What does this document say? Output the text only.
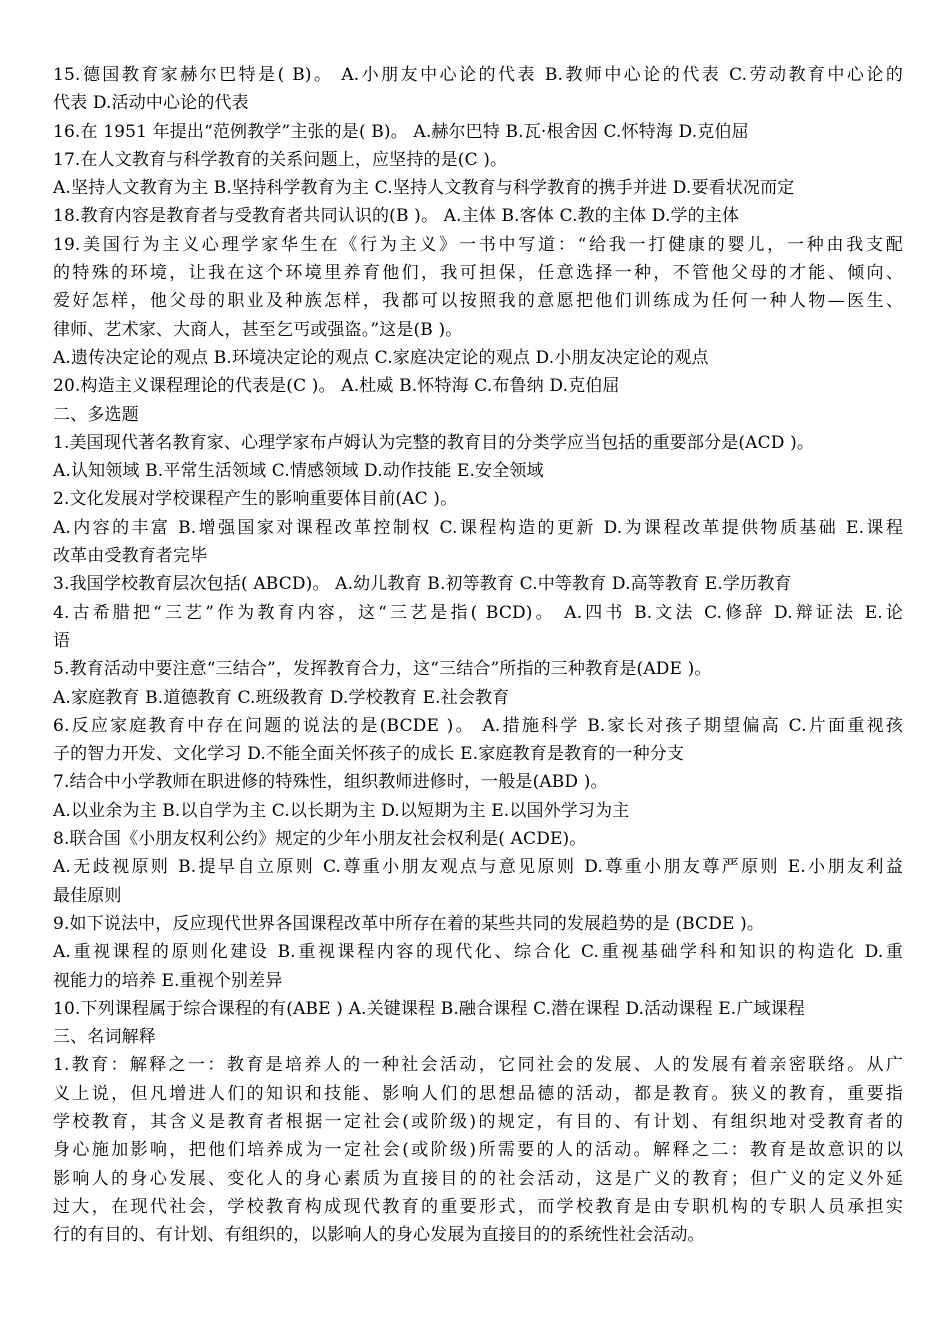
15.德国教育家赫尔巴特是( B)。 A.小朋友中心论的代表 B.教师中心论的代表 C.劳动教育中心论的
代表 D.活动中心论的代表
16.在 1951 年提出“范例教学”主张的是( B)。 A.赫尔巴特 B.瓦·根舍因 C.怀特海 D.克伯屈
17.在人文教育与科学教育的关系问题上，应坚持的是(C )。
A.坚持人文教育为主 B.坚持科学教育为主 C.坚持人文教育与科学教育的携手并进 D.要看状况而定
18.教育内容是教育者与受教育者共同认识的(B )。 A.主体 B.客体 C.教的主体 D.学的主体
19.美国行为主义心理学家华生在《行为主义》一书中写道：“给我一打健康的婴儿，一种由我支配
的特殊的环境，让我在这个环境里养育他们，我可担保，任意选择一种，不管他父母的才能、倾向、
爱好怎样，他父母的职业及种族怎样，我都可以按照我的意愿把他们训练成为任何一种人物—医生、
律师、艺术家、大商人，甚至乞丐或强盗。”这是(B )。
A.遗传决定论的观点 B.环境决定论的观点 C.家庭决定论的观点 D.小朋友决定论的观点
20.构造主义课程理论的代表是(C )。 A.杜威 B.怀特海 C.布鲁纳 D.克伯屈
二、多选题
1.美国现代著名教育家、心理学家布卢姆认为完整的教育目的分类学应当包括的重要部分是(ACD )。
A.认知领域 B.平常生活领域 C.情感领域 D.动作技能 E.安全领域
2.文化发展对学校课程产生的影响重要体目前(AC )。
A.内容的丰富 B.增强国家对课程改革控制权 C.课程构造的更新 D.为课程改革提供物质基础 E.课程
改革由受教育者完毕
3.我国学校教育层次包括( ABCD)。 A.幼儿教育 B.初等教育 C.中等教育 D.高等教育 E.学历教育
4.古希腊把“三艺”作为教育内容，这“三艺是指( BCD)。 A.四书 B.文法 C.修辞 D.辩证法 E.论
语
5.教育活动中要注意“三结合”，发挥教育合力，这“三结合”所指的三种教育是(ADE )。
A.家庭教育 B.道德教育 C.班级教育 D.学校教育 E.社会教育
6.反应家庭教育中存在问题的说法的是(BCDE )。 A.措施科学 B.家长对孩子期望偏高 C.片面重视孩
子的智力开发、文化学习 D.不能全面关怀孩子的成长 E.家庭教育是教育的一种分支
7.结合中小学教师在职进修的特殊性，组织教师进修时，一般是(ABD )。
A.以业余为主 B.以自学为主 C.以长期为主 D.以短期为主 E.以国外学习为主
8.联合国《小朋友权利公约》规定的少年小朋友社会权利是( ACDE)。
A.无歧视原则 B.提早自立原则 C.尊重小朋友观点与意见原则 D.尊重小朋友尊严原则 E.小朋友利益
最佳原则
9.如下说法中，反应现代世界各国课程改革中所存在着的某些共同的发展趋势的是 (BCDE )。
A.重视课程的原则化建设 B.重视课程内容的现代化、综合化 C.重视基础学科和知识的构造化 D.重
视能力的培养 E.重视个别差异
10.下列课程属于综合课程的有(ABE ) A.关键课程 B.融合课程 C.潜在课程 D.活动课程 E.广域课程
三、名词解释
1.教育：解释之一：教育是培养人的一种社会活动，它同社会的发展、人的发展有着亲密联络。从广
义上说，但凡增进人们的知识和技能、影响人们的思想品德的活动，都是教育。狭义的教育，重要指
学校教育，其含义是教育者根据一定社会(或阶级)的规定，有目的、有计划、有组织地对受教育者的
身心施加影响，把他们培养成为一定社会(或阶级)所需要的人的活动。解释之二：教育是故意识的以
影响人的身心发展、变化人的身心素质为直接目的的社会活动，这是广义的教育；但广义的定义外延
过大，在现代社会，学校教育构成现代教育的重要形式，而学校教育是由专职机构的专职人员承担实
行的有目的、有计划、有组织的，以影响人的身心发展为直接目的的系统性社会活动。
